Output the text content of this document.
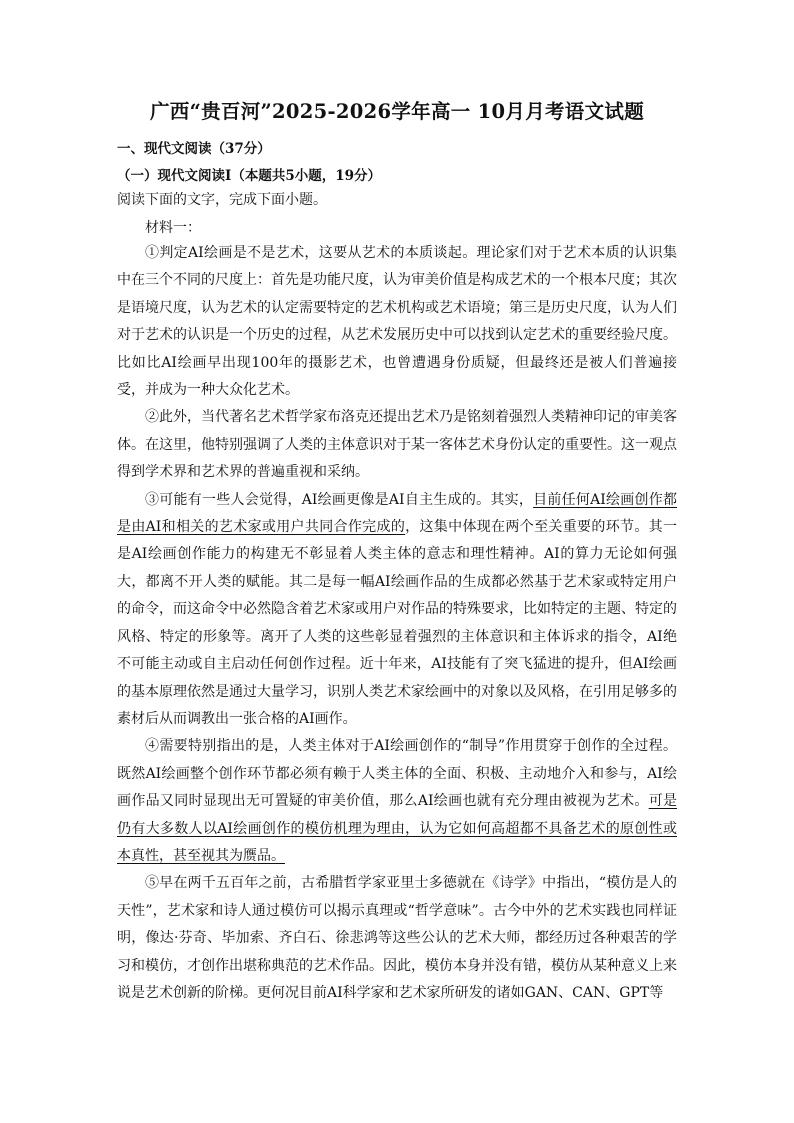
广西“贵百河”2025-2026学年高一 10月月考语文试题
一、现代文阅读（37分）
（一）现代文阅读Ⅰ（本题共5小题，19分）
阅读下面的文字，完成下面小题。
材料一：

①判定AI绘画是不是艺术，这要从艺术的本质谈起。理论家们对于艺术本质的认识集中在三个不同的尺度上：首先是功能尺度，认为审美价值是构成艺术的一个根本尺度；其次是语境尺度，认为艺术的认定需要特定的艺术机构或艺术语境；第三是历史尺度，认为人们对于艺术的认识是一个历史的过程，从艺术发展历史中可以找到认定艺术的重要经验尺度。比如比AI绘画早出现100年的摄影艺术，也曾遭遇身份质疑，但最终还是被人们普遍接受，并成为一种大众化艺术。

②此外，当代著名艺术哲学家布洛克还提出艺术乃是铭刻着强烈人类精神印记的审美客体。在这里，他特别强调了人类的主体意识对于某一客体艺术身份认定的重要性。这一观点得到学术界和艺术界的普遍重视和采纳。

③可能有一些人会觉得，AI绘画更像是AI自主生成的。其实，目前任何AI绘画创作都是由AI和相关的艺术家或用户共同合作完成的，这集中体现在两个至关重要的环节。其一是AI绘画创作能力的构建无不彰显着人类主体的意志和理性精神。AI的算力无论如何强大，都离不开人类的赋能。其二是每一幅AI绘画作品的生成都必然基于艺术家或特定用户的命令，而这命令中必然隐含着艺术家或用户对作品的特殊要求，比如特定的主题、特定的风格、特定的形象等。离开了人类的这些彰显着强烈的主体意识和主体诉求的指令，AI绝不可能主动或自主启动任何创作过程。近十年来，AI技能有了突飞猛进的提升，但AI绘画的基本原理依然是通过大量学习，识别人类艺术家绘画中的对象以及风格，在引用足够多的素材后从而调教出一张合格的AI画作。

④需要特别指出的是，人类主体对于AI绘画创作的“制导”作用贯穿于创作的全过程。既然AI绘画整个创作环节都必须有赖于人类主体的全面、积极、主动地介入和参与，AI绘画作品又同时显现出无可置疑的审美价值，那么AI绘画也就有充分理由被视为艺术。可是仍有大多数人以AI绘画创作的模仿机理为理由，认为它如何高超都不具备艺术的原创性或本真性，甚至视其为赝品。

⑤早在两千五百年之前，古希腊哲学家亚里士多德就在《诗学》中指出，“模仿是人的天性”，艺术家和诗人通过模仿可以揭示真理或“哲学意味”。古今中外的艺术实践也同样证明，像达·芬奇、毕加索、齐白石、徐悲鸿等这些公认的艺术大师，都经历过各种艰苦的学习和模仿，才创作出堪称典范的艺术作品。因此，模仿本身并没有错，模仿从某种意义上来说是艺术创新的阶梯。更何况目前AI科学家和艺术家所研发的诸如GAN、CAN、GPT等
